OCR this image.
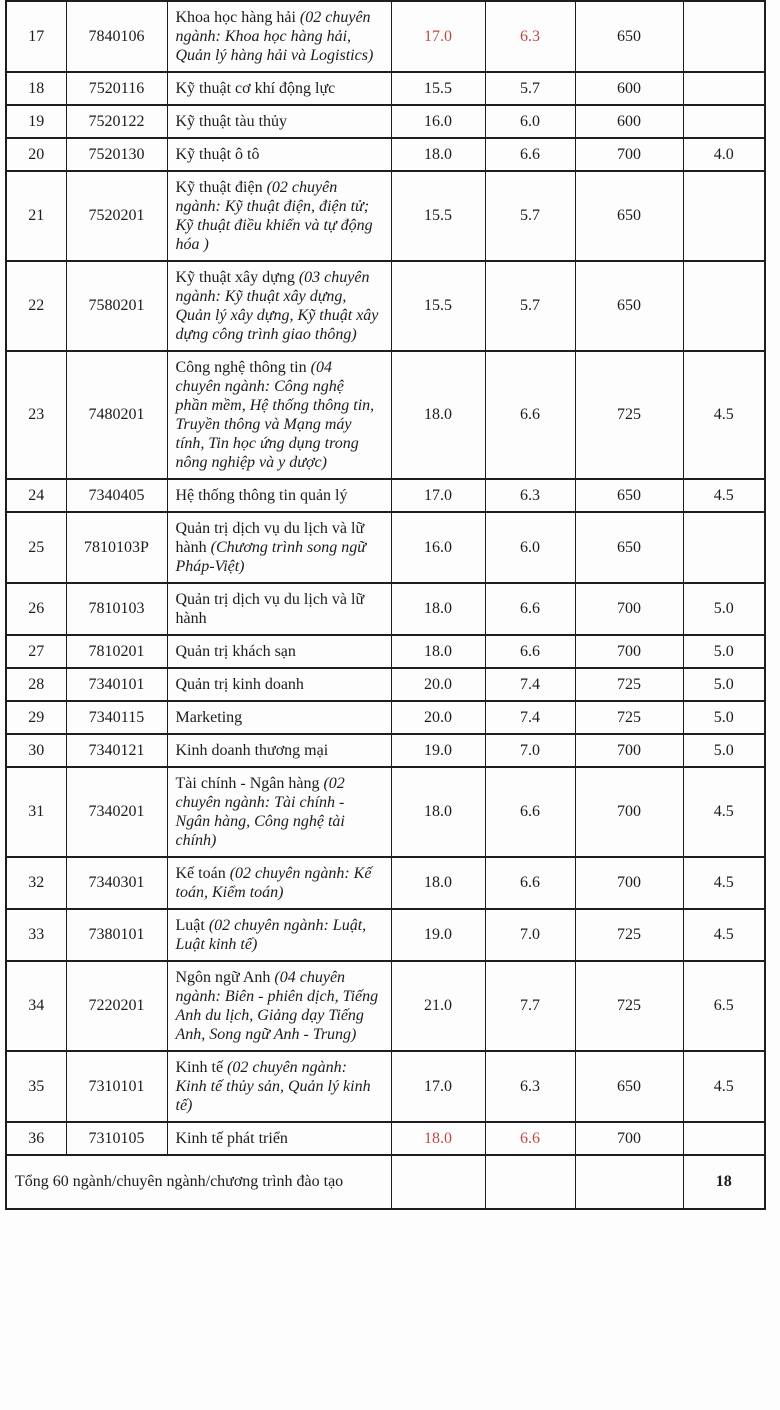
17	7840106	Khoa học hàng hải (02 chuyên ngành: Khoa học hàng hải, Quản lý hàng hải và Logistics)	17.0	6.3	650	
18	7520116	Kỹ thuật cơ khí động lực	15.5	5.7	600	
19	7520122	Kỹ thuật tàu thủy	16.0	6.0	600	
20	7520130	Kỹ thuật ô tô	18.0	6.6	700	4.0
21	7520201	Kỹ thuật điện (02 chuyên ngành: Kỹ thuật điện, điện tử; Kỹ thuật điều khiển và tự động hóa )	15.5	5.7	650	
22	7580201	Kỹ thuật xây dựng (03 chuyên ngành: Kỹ thuật xây dựng, Quản lý xây dựng, Kỹ thuật xây dựng công trình giao thông)	15.5	5.7	650	
23	7480201	Công nghệ thông tin (04 chuyên ngành: Công nghệ phần mềm, Hệ thống thông tin, Truyền thông và Mạng máy tính, Tin học ứng dụng trong nông nghiệp và y dược)	18.0	6.6	725	4.5
24	7340405	Hệ thống thông tin quản lý	17.0	6.3	650	4.5
25	7810103P	Quản trị dịch vụ du lịch và lữ hành (Chương trình song ngữ Pháp-Việt)	16.0	6.0	650	
26	7810103	Quản trị dịch vụ du lịch và lữ hành	18.0	6.6	700	5.0
27	7810201	Quản trị khách sạn	18.0	6.6	700	5.0
28	7340101	Quản trị kinh doanh	20.0	7.4	725	5.0
29	7340115	Marketing	20.0	7.4	725	5.0
30	7340121	Kinh doanh thương mại	19.0	7.0	700	5.0
31	7340201	Tài chính - Ngân hàng (02 chuyên ngành: Tài chính - Ngân hàng, Công nghệ tài chính)	18.0	6.6	700	4.5
32	7340301	Kế toán (02 chuyên ngành: Kế toán, Kiểm toán)	18.0	6.6	700	4.5
33	7380101	Luật (02 chuyên ngành: Luật, Luật kinh tế)	19.0	7.0	725	4.5
34	7220201	Ngôn ngữ Anh (04 chuyên ngành: Biên - phiên dịch, Tiếng Anh du lịch, Giảng dạy Tiếng Anh, Song ngữ Anh - Trung)	21.0	7.7	725	6.5
35	7310101	Kinh tế (02 chuyên ngành: Kinh tế thủy sản, Quản lý kinh tế)	17.0	6.3	650	4.5
36	7310105	Kinh tế phát triển	18.0	6.6	700	
Tổng 60 ngành/chuyên ngành/chương trình đào tạo						18
